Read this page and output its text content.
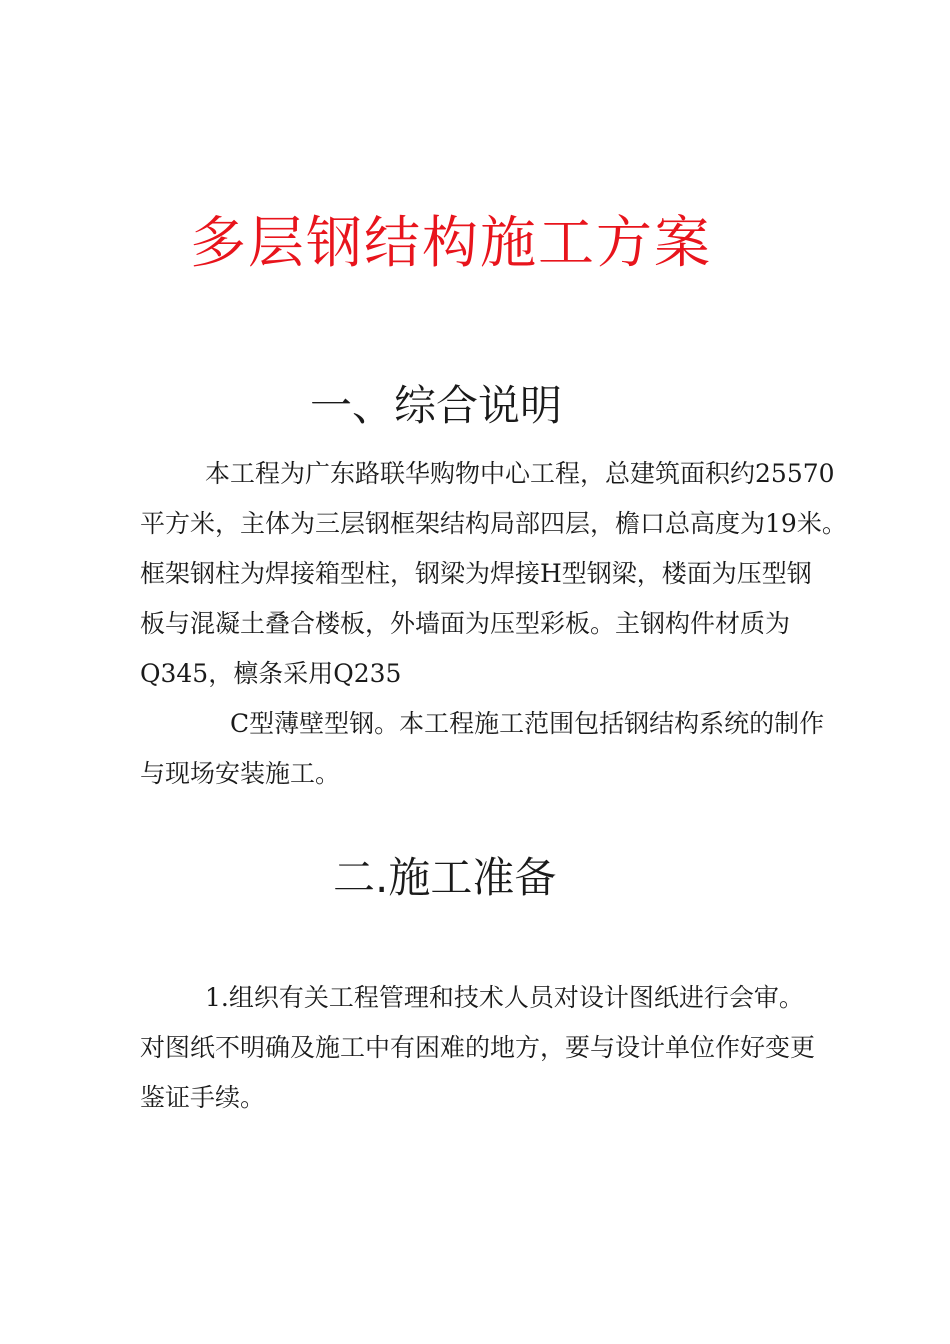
多层钢结构施工方案
一、综合说明
本工程为广东路联华购物中心工程，总建筑面积约25570
平方米，主体为三层钢框架结构局部四层，檐口总高度为19米。
框架钢柱为焊接箱型柱，钢梁为焊接H型钢梁，楼面为压型钢
板与混凝土叠合楼板，外墙面为压型彩板。主钢构件材质为
Q345，檩条采用Q235
C型薄壁型钢。本工程施工范围包括钢结构系统的制作
与现场安装施工。
二.施工准备
1.组织有关工程管理和技术人员对设计图纸进行会审。
对图纸不明确及施工中有困难的地方，要与设计单位作好变更
鉴证手续。
